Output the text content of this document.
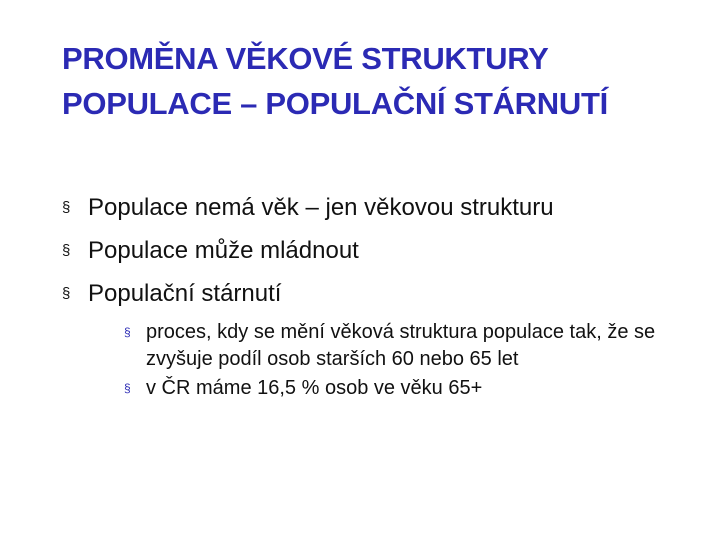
PROMĚNA VĚKOVÉ STRUKTURY
POPULACE – POPULAČNÍ STÁRNUTÍ
§ Populace nemá věk – jen věkovou strukturu
§ Populace může mládnout
§ Populační stárnutí
§ proces, kdy se mění věková struktura populace tak, že se zvyšuje podíl osob starších 60 nebo 65 let
§ v ČR máme 16,5 % osob ve věku 65+
